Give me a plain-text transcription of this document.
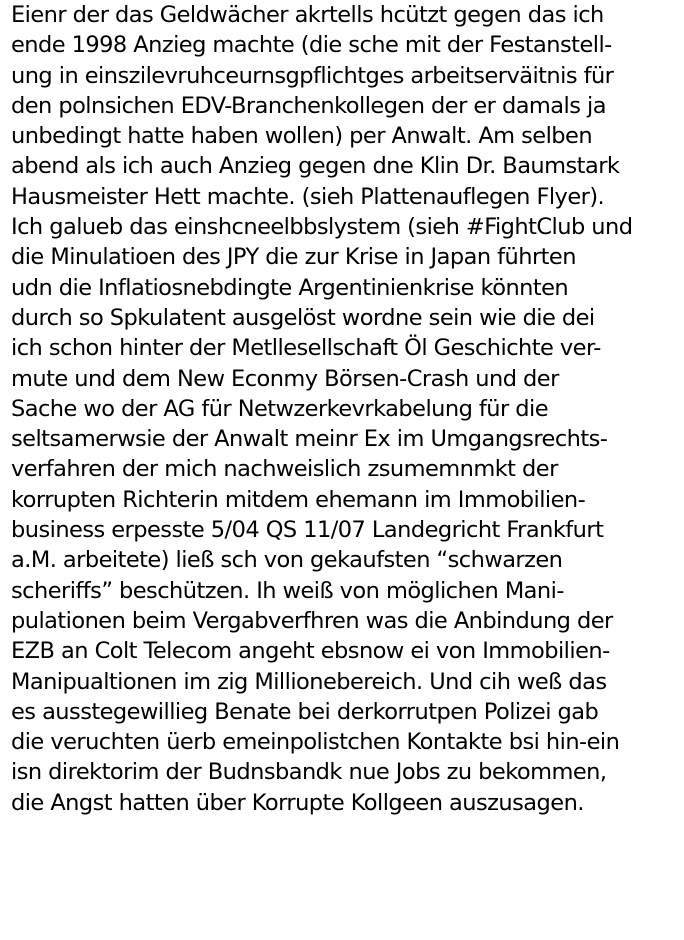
Eienr der das Geldwächer akrtells hcützt gegen das ich
ende 1998 Anzieg machte (die sche mit der Festanstell-
ung in einszilevruhceurnsgpflichtges arbeitserväitnis für
den polnsichen EDV-Branchenkollegen der er damals ja
unbedingt hatte haben wollen) per Anwalt. Am selben
abend als ich auch Anzieg gegen dne Klin Dr. Baumstark
Hausmeister Hett machte. (sieh Plattenauflegen Flyer).
Ich galueb das einshcneelbbslystem (sieh #FightClub und
die Minulatioen des JPY die zur Krise in Japan führten
udn die Inflatiosnebdingte Argentinienkrise könnten
durch so Spkulatent ausgelöst wordne sein wie die dei
ich schon hinter der Metllesellschaft Öl Geschichte ver-
mute und dem New Econmy Börsen-Crash und der
Sache wo der AG für Netwzerkevrkabelung für die
seltsamerwsie der Anwalt meinr Ex im Umgangsrechts-
verfahren der mich nachweislich zsumemnmkt der
korrupten Richterin mitdem ehemann im Immobilien-
business erpesste 5/04 QS 11/07 Landegricht Frankfurt
a.M. arbeitete) ließ sch von gekaufsten “schwarzen
scheriffs” beschützen. Ih weiß von möglichen Mani-
pulationen beim Vergabverfhren was die Anbindung der
EZB an Colt Telecom angeht ebsnow ei von Immobilien-
Manipualtionen im zig Millionebereich. Und cih weß das
es ausstegewillieg Benate bei derkorrutpen Polizei gab
die veruchten üerb emeinpolistchen Kontakte bsi hin-ein
isn direktorim der Budnsbandk nue Jobs zu bekommen,
die Angst hatten über Korrupte Kollgeen auszusagen.
